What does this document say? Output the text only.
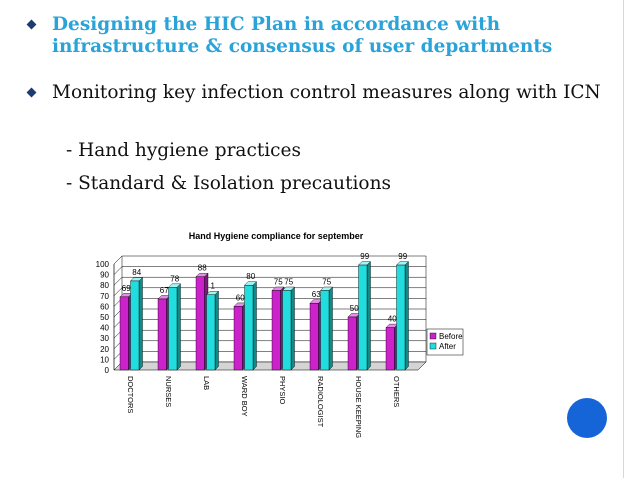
Designing the HIC Plan in accordance with infrastructure & consensus of user departments
Monitoring key infection control measures along with ICN
- Hand hygiene practices
- Standard & Isolation precautions
0
10
20
30
40
50
60
70
80
90
100
Hand Hygiene compliance for september
69
84
DOCTORS
67
78
NURSES
88
1
LAB
60
80
WARD BOY
75 75
PHYSIO
63
75
RADIOLOGIST
50
99
HOUSE KEEPING
40
99
OTHERS
Before
After
